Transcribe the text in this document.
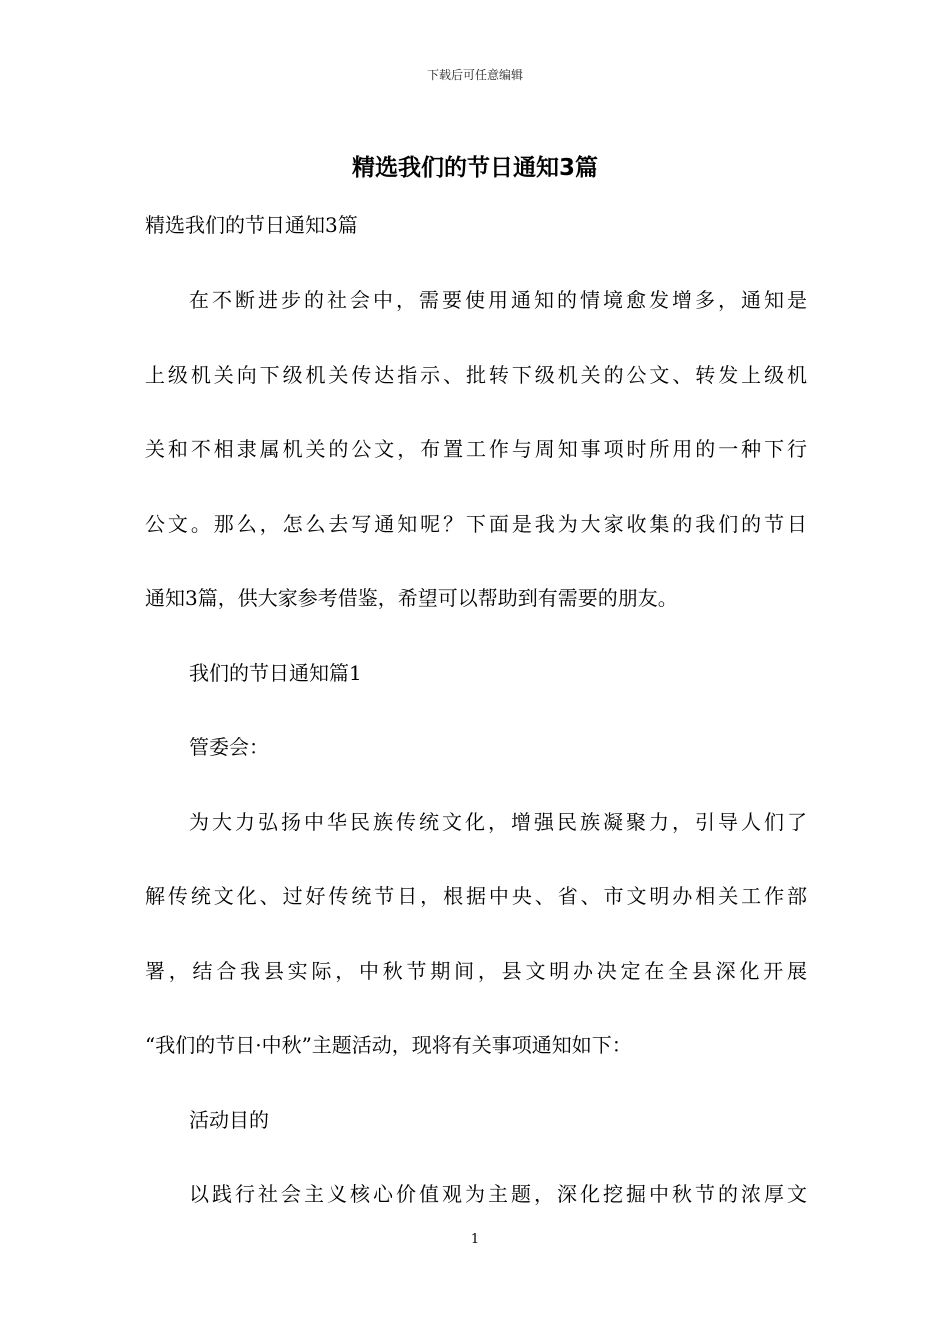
下载后可任意编辑
精选我们的节日通知3篇
精选我们的节日通知3篇
在不断进步的社会中，需要使用通知的情境愈发增多，通知是
上级机关向下级机关传达指示、批转下级机关的公文、转发上级机
关和不相隶属机关的公文，布置工作与周知事项时所用的一种下行
公文。那么，怎么去写通知呢？下面是我为大家收集的我们的节日
通知3篇，供大家参考借鉴，希望可以帮助到有需要的朋友。
我们的节日通知篇1
管委会：
为大力弘扬中华民族传统文化，增强民族凝聚力，引导人们了
解传统文化、过好传统节日，根据中央、省、市文明办相关工作部
署，结合我县实际，中秋节期间，县文明办决定在全县深化开展
“我们的节日·中秋”主题活动，现将有关事项通知如下：
活动目的
以践行社会主义核心价值观为主题，深化挖掘中秋节的浓厚文
1
